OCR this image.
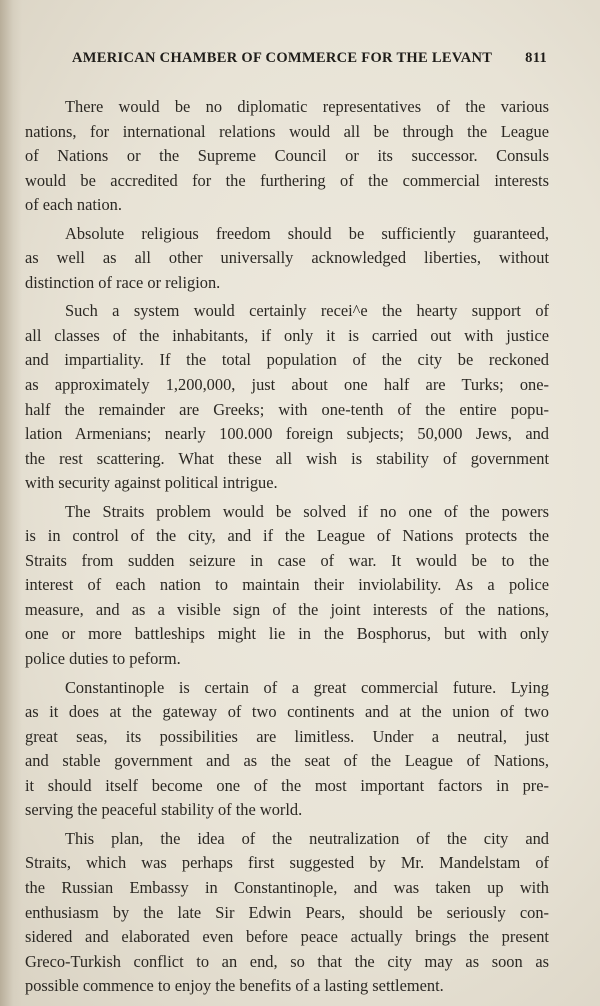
AMERICAN CHAMBER OF COMMERCE FOR THE LEVANT 811
There would be no diplomatic representatives of the various
nations, for international relations would all be through the League
of Nations or the Supreme Council or its successor. Consuls
would be accredited for the furthering of the commercial interests
of each nation.
Absolute religious freedom should be sufficiently guaranteed,
as well as all other universally acknowledged liberties, without
distinction of race or religion.
Such a system would certainly recei^e the hearty support of
all classes of the inhabitants, if only it is carried out with justice
and impartiality. If the total population of the city be reckoned
as approximately 1,200,000, just about one half are Turks; one-
half the remainder are Greeks; with one-tenth of the entire popu-
lation Armenians; nearly 100.000 foreign subjects; 50,000 Jews, and
the rest scattering. What these all wish is stability of government
with security against political intrigue.
The Straits problem would be solved if no one of the powers
is in control of the city, and if the League of Nations protects the
Straits from sudden seizure in case of war. It would be to the
interest of each nation to maintain their inviolability. As a police
measure, and as a visible sign of the joint interests of the nations,
one or more battleships might lie in the Bosphorus, but with only
police duties to peform.
Constantinople is certain of a great commercial future. Lying
as it does at the gateway of two continents and at the union of two
great seas, its possibilities are limitless. Under a neutral, just
and stable government and as the seat of the League of Nations,
it should itself become one of the most important factors in pre-
serving the peaceful stability of the world.
This plan, the idea of the neutralization of the city and
Straits, which was perhaps first suggested by Mr. Mandelstam of
the Russian Embassy in Constantinople, and was taken up with
enthusiasm by the late Sir Edwin Pears, should be seriously con-
sidered and elaborated even before peace actually brings the present
Greco-Turkish conflict to an end, so that the city may as soon as
possible commence to enjoy the benefits of a lasting settlement.
